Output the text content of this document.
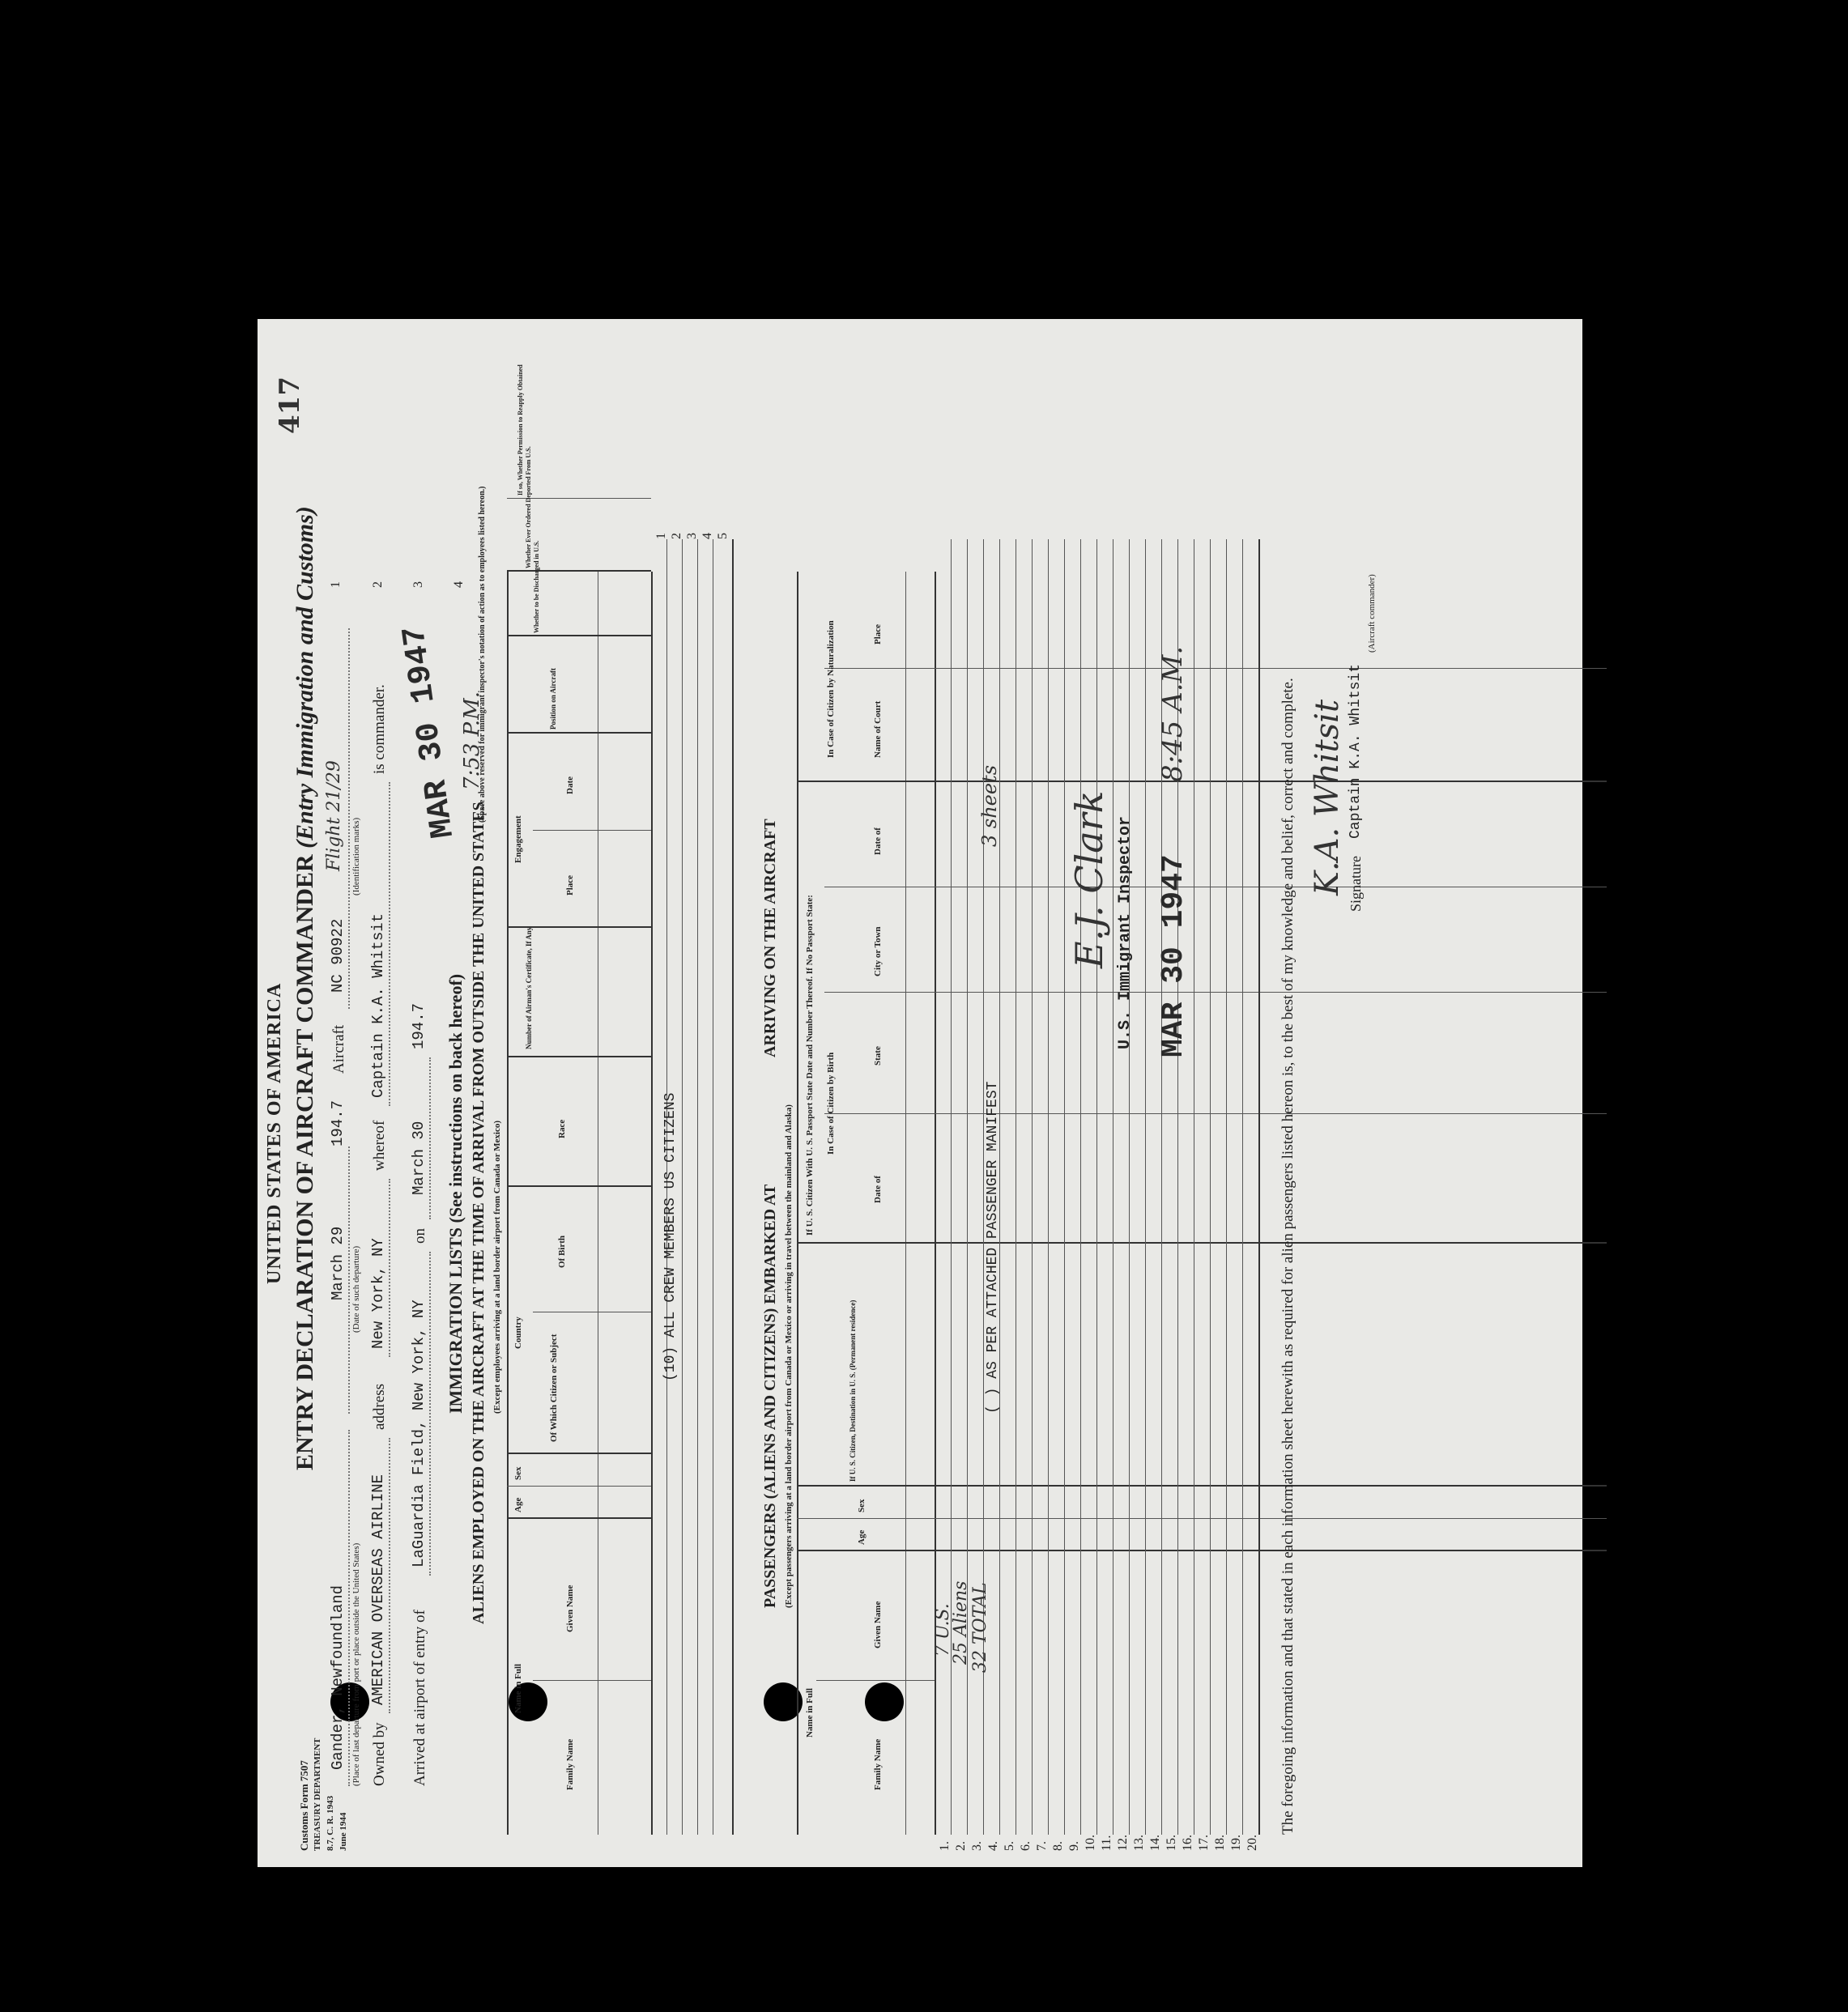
Customs Form 7507 TREASURY DEPARTMENT 8.7, C. R. 1943 June 1944
UNITED STATES OF AMERICA ENTRY DECLARATION OF AIRCRAFT COMMANDER (Entry Immigration and Customs)
417
Gander, Newfoundland
March 29
194.7
Aircraft
NC 90922
Flight 21/29
1
(Place of last departure from port or place outside the United States)
(Date of such departure)
(Identification marks)
Owned by
AMERICAN OVERSEAS AIRLINE
address
New York, NY
whereof
Captain K.A. Whitsit
is commander.
2
Arrived at airport of entry of
LaGuardia Field, New York, NY
on
March 30
194.7
3 4
MAR 30 1947
7:53 P.M.
IMMIGRATION LISTS (See instructions on back hereof) ALIENS EMPLOYED ON THE AIRCRAFT AT THE TIME OF ARRIVAL FROM OUTSIDE THE UNITED STATES (Except employees arriving at a land border airport from Canada or Mexico)
(Space above reserved for immigrant inspector's notation of action as to employees listed hereon.)
Name in Full
Family Name
Given Name
Age
Sex
Country
Of Which Citizen or Subject
Of Birth
Race
Number of Airman's Certificate, If Any
Engagement
Place
Date
Position on Aircraft
Whether to be Discharged in U.S.
Whether Ever Ordered Deported From U.S.
If so, Whether Permission to Reapply Obtained
1 2 3 4 5
(10) ALL CREW MEMBERS US CITIZENS	PASSENGERS (ALIENS AND CITIZENS) EMBARKED AT
ARRIVING ON THE AIRCRAFT
(Except passengers arriving at a land border airport from Canada or Mexico or arriving in travel between the mainland and Alaska)
Name in Full
Family Name
Given Name
Age
Sex
If U. S. Citizen, Destination in U. S. (Permanent residence)
If U. S. Citizen With U. S. Passport State Date and Number Thereof. If No Passport State: In Case of Citizen by Birth
In Case of Citizen by Naturalization
Date of
State
City or Town
Date of
Name of Court
Place
1. 2. 3. 4. 5. 6. 7. 8. 9. 10. 11. 12. 13. 14. 15. 16. 17. 18. 19. 20.
7 U.S.
25 Aliens 32 TOTAL
( ) AS PER ATTACHED PASSENGER MANIFEST
3 sheets E.J. Clark U.S. Immigrant Inspector MAR 30 1947
8:45 A.M.	The foregoing information and that stated in each information sheet herewith as required for alien passengers listed hereon is, to the best of my knowledge and belief, correct and complete. K.A. Whitsit Signature
Captain K.A. Whitsit
(Aircraft commander)
